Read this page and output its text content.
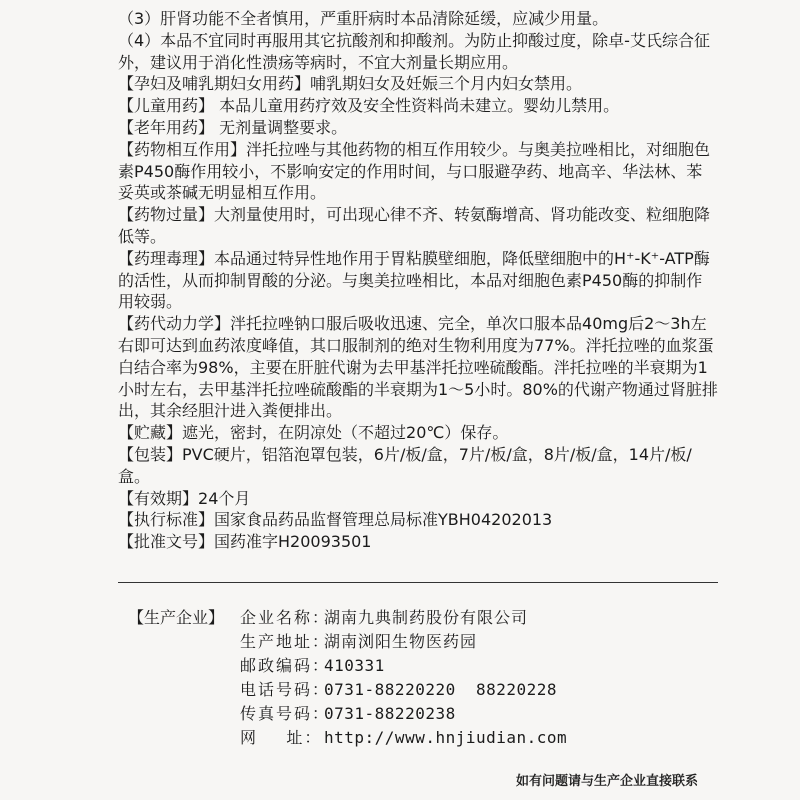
（3）肝肾功能不全者慎用，严重肝病时本品清除延缓，应减少用量。

（4）本品不宜同时再服用其它抗酸剂和抑酸剂。为防止抑酸过度，除卓-艾氏综合征外，建议用于消化性溃疡等病时，不宜大剂量长期应用。

【孕妇及哺乳期妇女用药】哺乳期妇女及妊娠三个月内妇女禁用。

【儿童用药】 本品儿童用药疗效及安全性资料尚未建立。婴幼儿禁用。

【老年用药】 无剂量调整要求。

【药物相互作用】泮托拉唑与其他药物的相互作用较少。与奥美拉唑相比，对细胞色素P450酶作用较小，不影响安定的作用时间，与口服避孕药、地高辛、华法林、苯妥英或茶碱无明显相互作用。

【药物过量】大剂量使用时，可出现心律不齐、转氨酶增高、肾功能改变、粒细胞降低等。

【药理毒理】本品通过特异性地作用于胃粘膜壁细胞，降低壁细胞中的H⁺-K⁺-ATP酶的活性，从而抑制胃酸的分泌。与奥美拉唑相比，本品对细胞色素P450酶的抑制作用较弱。

【药代动力学】泮托拉唑钠口服后吸收迅速、完全，单次口服本品40mg后2～3h左右即可达到血药浓度峰值，其口服制剂的绝对生物利用度为77%。泮托拉唑的血浆蛋白结合率为98%，主要在肝脏代谢为去甲基泮托拉唑硫酸酯。泮托拉唑的半衰期为1小时左右，去甲基泮托拉唑硫酸酯的半衰期为1～5小时。80%的代谢产物通过肾脏排出，其余经胆汁进入粪便排出。

【贮藏】遮光，密封，在阴凉处（不超过20℃）保存。

【包装】PVC硬片，铝箔泡罩包装，6片/板/盒，7片/板/盒，8片/板/盒，14片/板/盒。

【有效期】24个月

【执行标准】国家食品药品监督管理总局标准YBH04202013

【批准文号】国药准字H20093501

【生产企业】 企业名称：
湖南九典制药股份有限公司
生产地址：
湖南浏阳生物医药园
邮政编码：
410331
电话号码：
0731-88220220  88220228
传真号码：
0731-88220238
网    址： http://www.hnjiudian.com
如有问题请与生产企业直接联系
